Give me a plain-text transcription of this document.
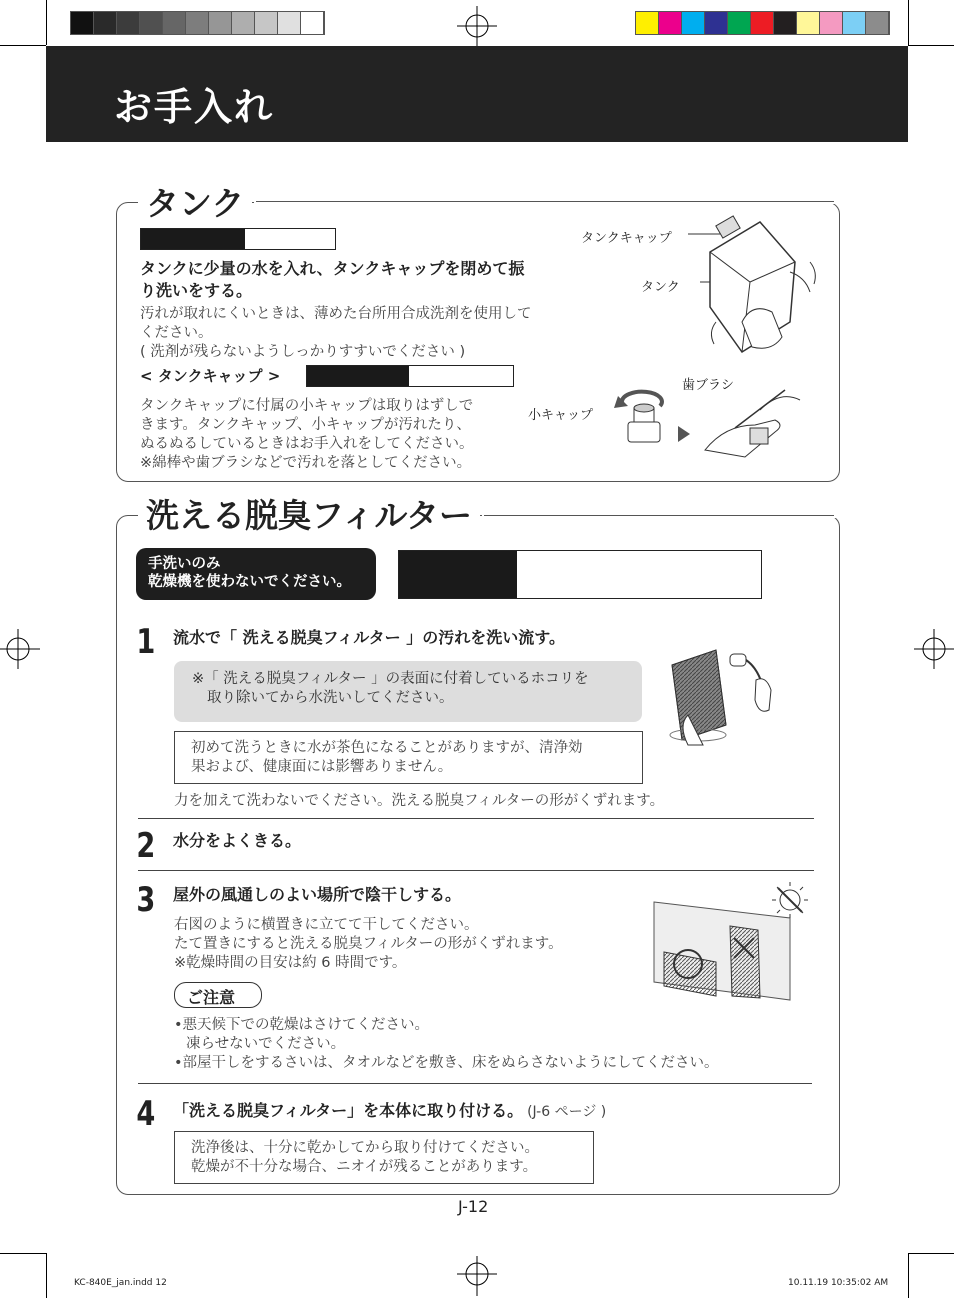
お手入れ
タンク
タンクに少量の水を入れ、タンクキャップを閉めて振
り洗いをする。
汚れが取れにくいときは、薄めた台所用合成洗剤を使用して
ください。
( 洗剤が残らないようしっかりすすいでください )
< タンクキャップ >
タンクキャップに付属の小キャップは取りはずしで
きます。タンクキャップ、小キャップが汚れたり、
ぬるぬるしているときはお手入れをしてください。
※綿棒や歯ブラシなどで汚れを落としてください。
タンクキャップ
タンク
歯ブラシ
小キャップ
洗える脱臭フィルター
手洗いのみ
乾燥機を使わないでください。
1 流水で「 洗える脱臭フィルター 」の汚れを洗い流す。
※「 洗える脱臭フィルター 」の表面に付着しているホコリを
取り除いてから水洗いしてください。
初めて洗うときに水が茶色になることがありますが、清浄効
果および、健康面には影響ありません。
力を加えて洗わないでください。洗える脱臭フィルターの形がくずれます。
2 水分をよくきる。
3 屋外の風通しのよい場所で陰干しする。
右図のように横置きに立てて干してください。
たて置きにすると洗える脱臭フィルターの形がくずれます。
※乾燥時間の目安は約 6 時間です。
ご注意
•悪天候下での乾燥はさけてください。
凍らせないでください。
•部屋干しをするさいは、タオルなどを敷き、床をぬらさないようにしてください。
4 「洗える脱臭フィルター」を本体に取り付ける。 (J-6 ページ )
洗浄後は、十分に乾かしてから取り付けてください。
乾燥が不十分な場合、ニオイが残ることがあります。
J-12
KC-840E_jan.indd 12	10.11.19 10:35:02 AM
